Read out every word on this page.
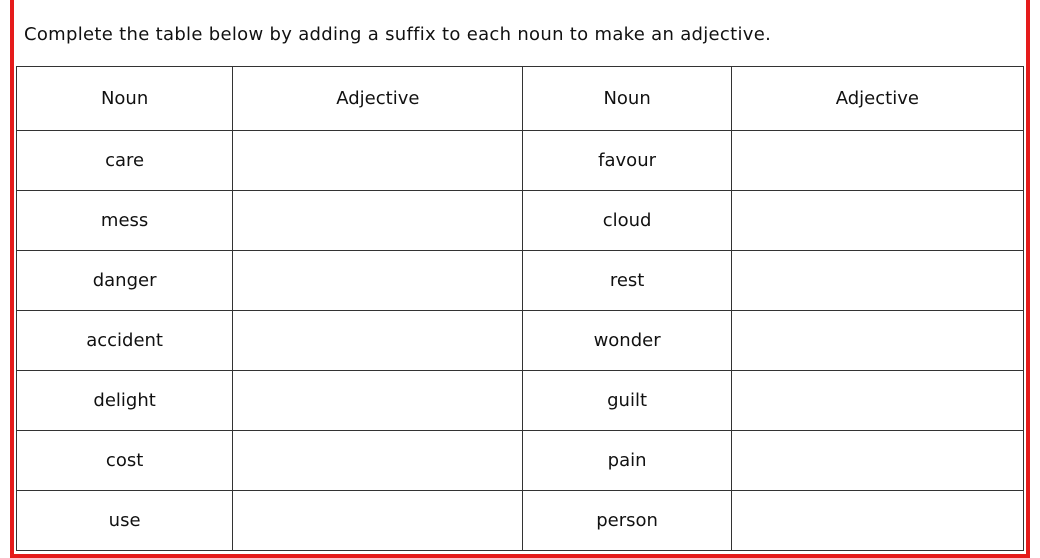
Complete the table below by adding a suffix to each noun to make an adjective.
Noun	Adjective	Noun	Adjective
care		favour	
mess		cloud	
danger		rest	
accident		wonder	
delight		guilt	
cost		pain	
use		person	
